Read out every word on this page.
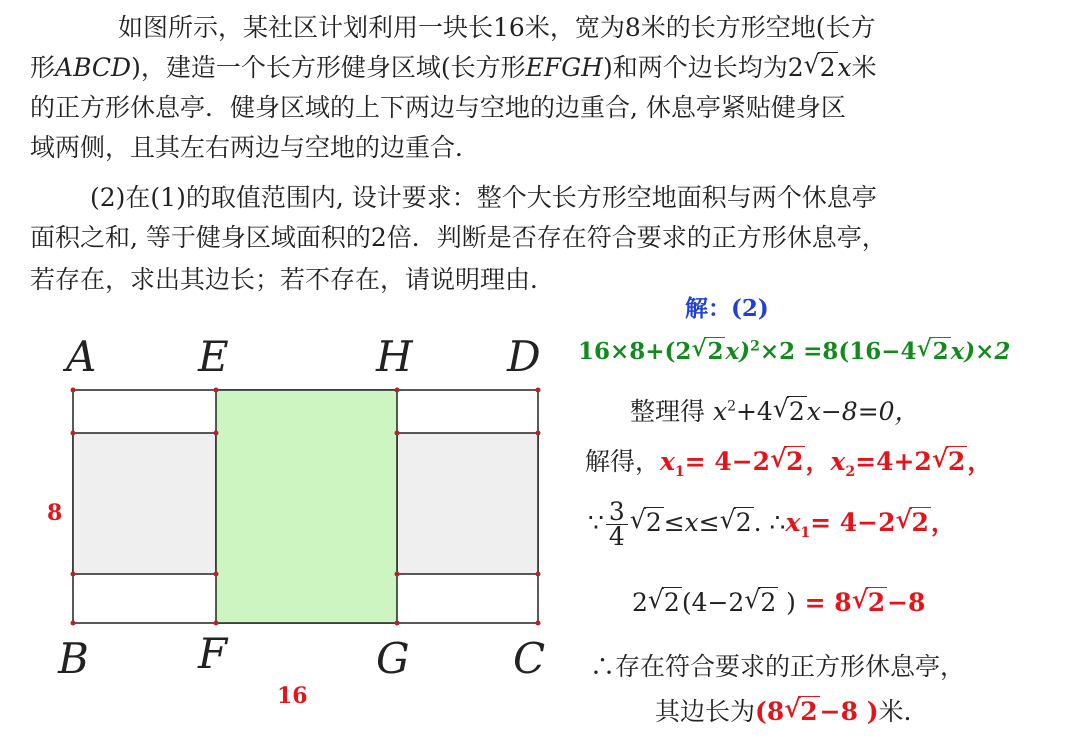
如图所示，某社区计划利用一块长16米，宽为8米的长方形空地(长方
形ABCD)，建造一个长方形健身区域(长方形EFGH)和两个边长均为2 √ 2x米
的正方形休息亭．健身区域的上下两边与空地的边重合, 休息亭紧贴健身区
域两侧，且其左右两边与空地的边重合．
(2)在(1)的取值范围内, 设计要求：整个大长方形空地面积与两个休息亭
面积之和, 等于健身区域面积的2倍．判断是否存在符合要求的正方形休息亭，
若存在，求出其边长；若不存在，请说明理由．
A E	H D
B	F	G C
8
16
解：(2)
16×8+(2 √ 2x)$^2$×2 =8(16−4 √ 2x)×2
整理得 $x^2+4$ √ 2x−8=0，
解得，$x_1= 4-2$ √ 2，$x_2=4+2$ √ 2，
∵ $\frac{3}{4}$ √ 2≤x≤ √ 2. $\therefore x_1= 4-2$ √ 2，
2 √ 2(4−2 √ 2 ) = 8 √ 2−8
∴存在符合要求的正方形休息亭，
其边长为(8 √ 2−8 )米.
